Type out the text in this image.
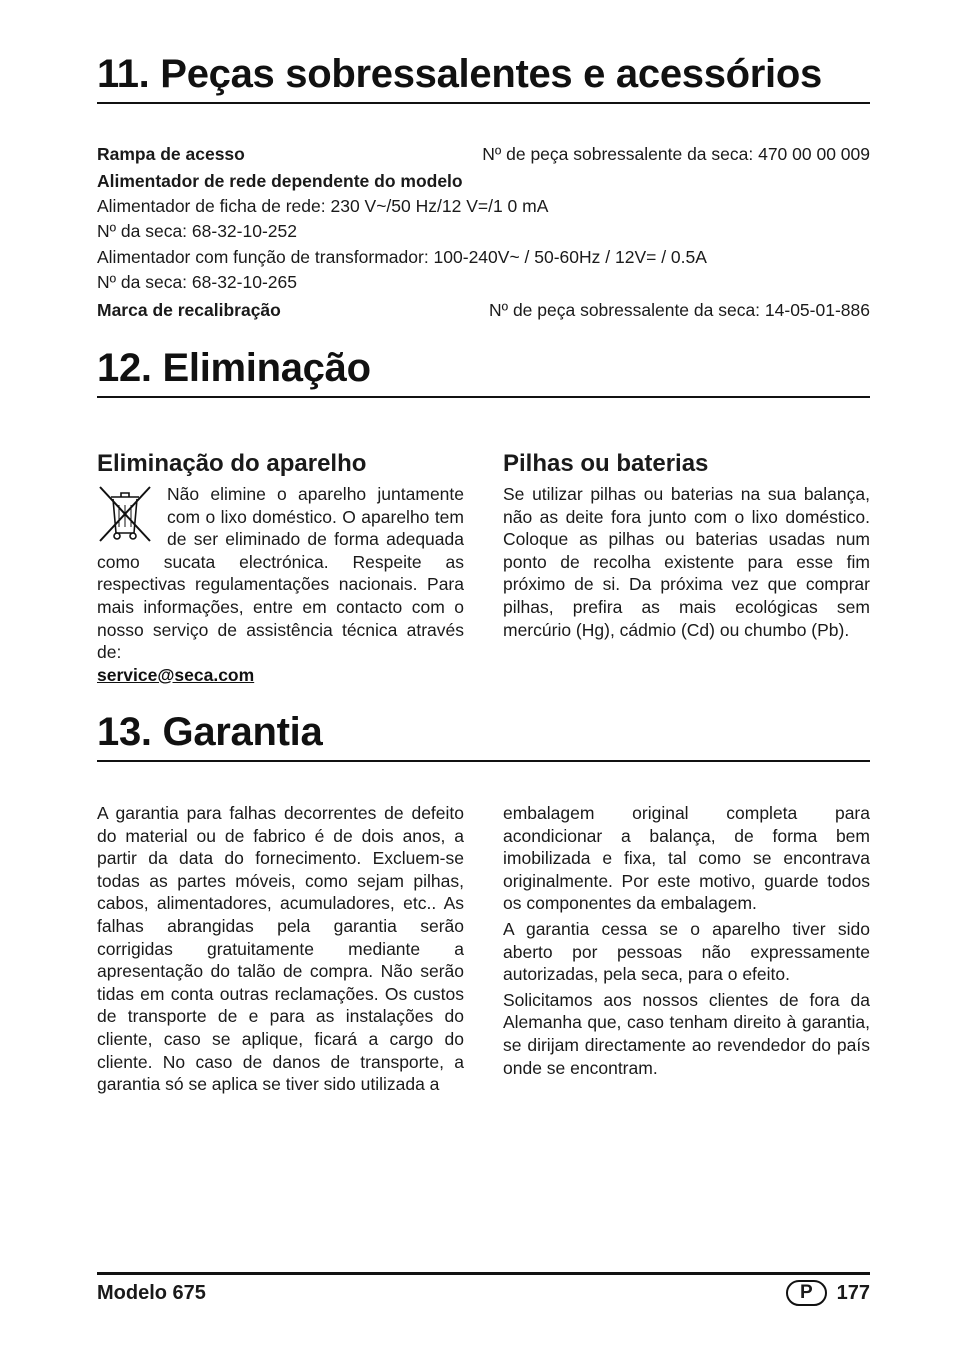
11. Peças sobressalentes e acessórios
Rampa de acesso	Nº de peça sobressalente da seca: 470 00 00 009
Alimentador de rede dependente do modelo
Alimentador de ficha de rede: 230 V~/50 Hz/12 V=/1 0 mA
Nº da seca: 68-32-10-252
Alimentador com função de transformador: 100-240V~ / 50-60Hz / 12V= / 0.5A
Nº da seca: 68-32-10-265
Marca de recalibração	Nº de peça sobressalente da seca: 14-05-01-886
12. Eliminação
Eliminação do aparelho

Não elimine o aparelho juntamente com o lixo doméstico. O aparelho tem de ser eliminado de forma adequada como sucata electrónica. Respeite as respectivas regulamentações nacionais. Para mais informações, entre em contacto com o nosso serviço de assistência técnica através de:

service@seca.com

Pilhas ou baterias

Se utilizar pilhas ou baterias na sua balança, não as deite fora junto com o lixo doméstico. Coloque as pilhas ou baterias usadas num ponto de recolha existente para esse fim próximo de si. Da próxima vez que comprar pilhas, prefira as mais ecológicas sem mercúrio (Hg), cádmio (Cd) ou chumbo (Pb).

13. Garantia

A garantia para falhas decorrentes de defeito do material ou de fabrico é de dois anos, a partir da data do fornecimento. Excluem-se todas as partes móveis, como sejam pilhas, cabos, alimentadores, acumuladores, etc.. As falhas abrangidas pela garantia serão corrigidas gratuitamente mediante a apresentação do talão de compra. Não serão tidas em conta outras reclamações. Os custos de transporte de e para as instalações do cliente, caso se aplique, ficará a cargo do cliente. No caso de danos de transporte, a garantia só se aplica se tiver sido utilizada a

embalagem original completa para acondicionar a balança, de forma bem imobilizada e fixa, tal como se encontrava originalmente. Por este motivo, guarde todos os componentes da embalagem.

A garantia cessa se o aparelho tiver sido aberto por pessoas não expressamente autorizadas, pela seca, para o efeito.

Solicitamos aos nossos clientes de fora da Alemanha que, caso tenham direito à garantia, se dirijam directamente ao revendedor do país onde se encontram.

Modelo 675	P	177
